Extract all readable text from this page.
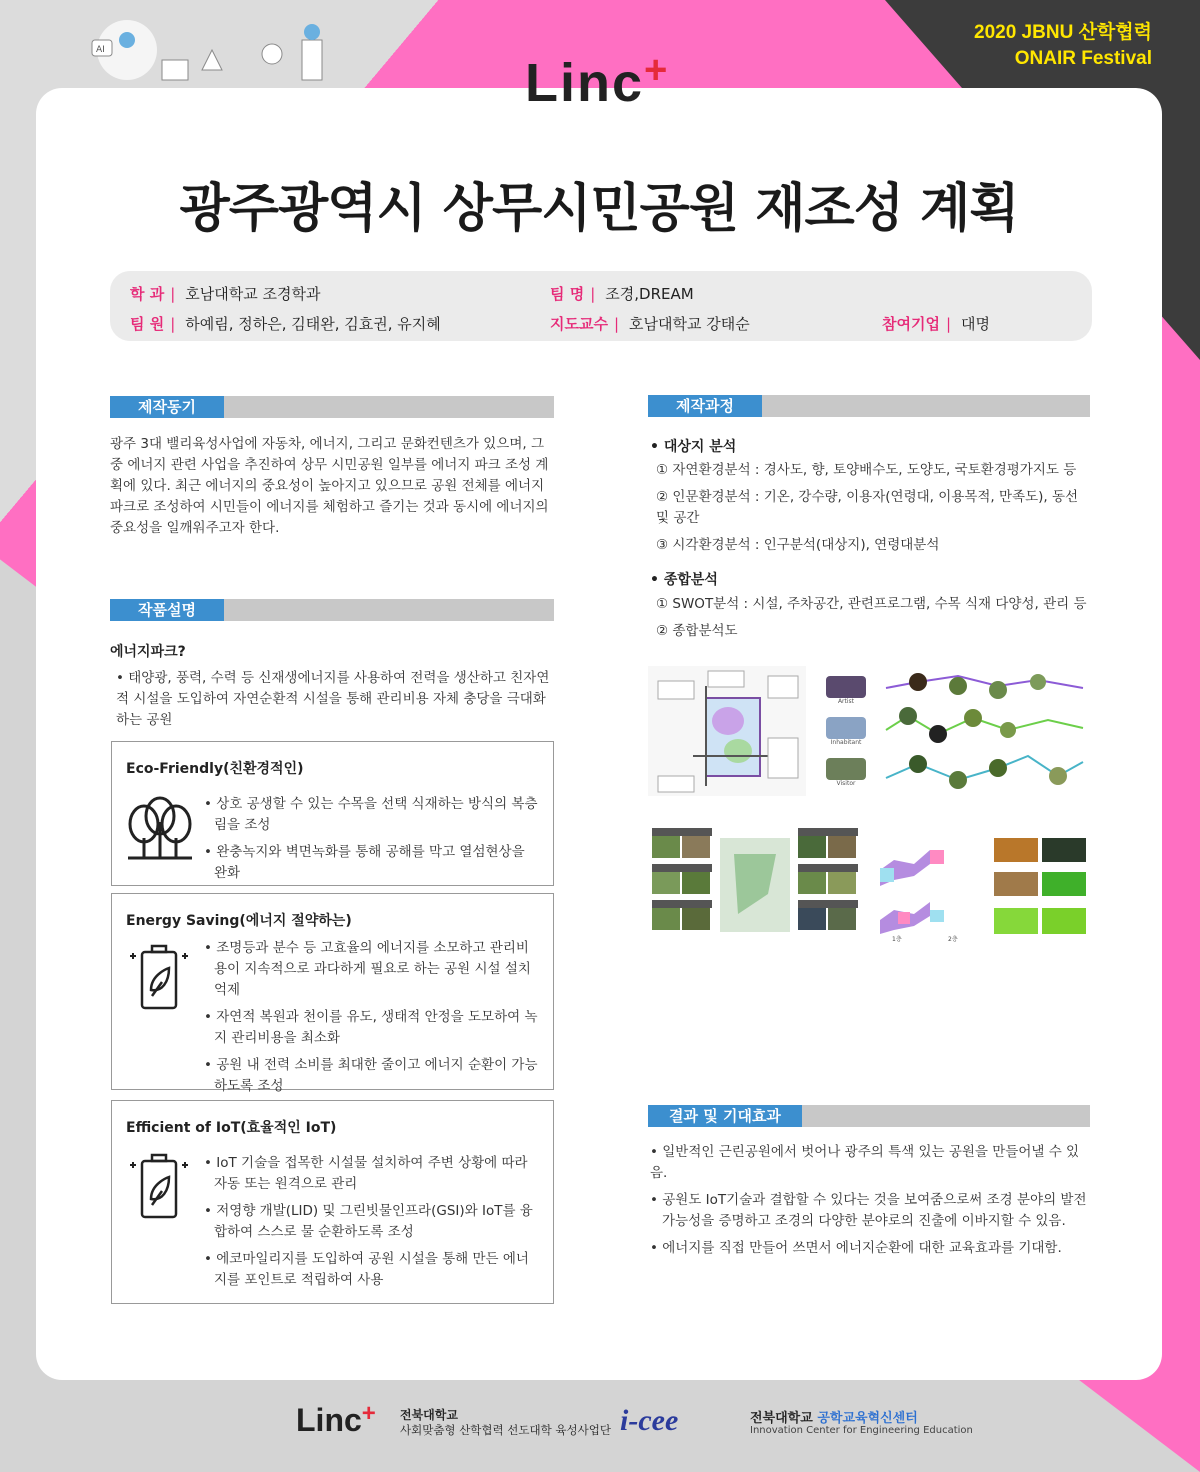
2020 JBNU 산학협력
ONAIR Festival
AI
Linc+
광주광역시 상무시민공원 재조성 계획
학 과 | 호남대학교 조경학과	팀 명 | 조경,DREAM
팀 원 | 하예림, 정하은, 김태완, 김효권, 유지혜	지도교수 | 호남대학교 강태순	참여기업 | 대명
제작동기
광주 3대 밸리육성사업에 자동차, 에너지, 그리고 문화컨텐츠가 있으며, 그 중 에너지 관련 사업을 추진하여 상무 시민공원 일부를 에너지 파크 조성 계획에 있다. 최근 에너지의 중요성이 높아지고 있으므로 공원 전체를 에너지 파크로 조성하여 시민들이 에너지를 체험하고 즐기는 것과 동시에 에너지의 중요성을 일깨워주고자 한다.
작품설명
에너지파크?
• 태양광, 풍력, 수력 등 신재생에너지를 사용하여 전력을 생산하고 친자연적 시설을 도입하여 자연순환적 시설을 통해 관리비용 자체 충당을 극대화하는 공원
Eco-Friendly(친환경적인)
• 상호 공생할 수 있는 수목을 선택 식재하는 방식의 복층림을 조성
• 완충녹지와 벽면녹화를 통해 공해를 막고 열섬현상을 완화
Energy Saving(에너지 절약하는)
• 조명등과 분수 등 고효율의 에너지를 소모하고 관리비용이 지속적으로 과다하게 필요로 하는 공원 시설 설치 억제
• 자연적 복원과 천이를 유도, 생태적 안정을 도모하여 녹지 관리비용을 최소화
• 공원 내 전력 소비를 최대한 줄이고 에너지 순환이 가능하도록 조성
Efficient of IoT(효율적인 IoT)
• IoT 기술을 접목한 시설물 설치하여 주변 상황에 따라 자동 또는 원격으로 관리
• 저영향 개발(LID) 및 그린빗물인프라(GSI)와 IoT를 융합하여 스스로 물 순환하도록 조성
• 에코마일리지를 도입하여 공원 시설을 통해 만든 에너지를 포인트로 적립하여 사용
제작과정
• 대상지 분석
① 자연환경분석 : 경사도, 향, 토양배수도, 도양도, 국토환경평가지도 등
② 인문환경분석 : 기온, 강수량, 이용자(연령대, 이용목적, 만족도), 동선 및 공간
③ 시각환경분석 : 인구분석(대상지), 연령대분석
• 종합분석
① SWOT분석 : 시설, 주차공간, 관련프로그램, 수목 식재 다양성, 관리 등
② 종합분석도
Artist
Inhabitant
Visitor
1층	2층
결과 및 기대효과
• 일반적인 근린공원에서 벗어나 광주의 특색 있는 공원을 만들어낼 수 있음.
• 공원도 IoT기술과 결합할 수 있다는 것을 보여줌으로써 조경 분야의 발전 가능성을 증명하고 조경의 다양한 분야로의 진출에 이바지할 수 있음.
• 에너지를 직접 만들어 쓰면서 에너지순환에 대한 교육효과를 기대함.
Linc+ 전북대학교
사회맞춤형 산학협력 선도대학 육성사업단 i-cee	전북대학교 공학교육혁신센터
Innovation Center for Engineering Education
